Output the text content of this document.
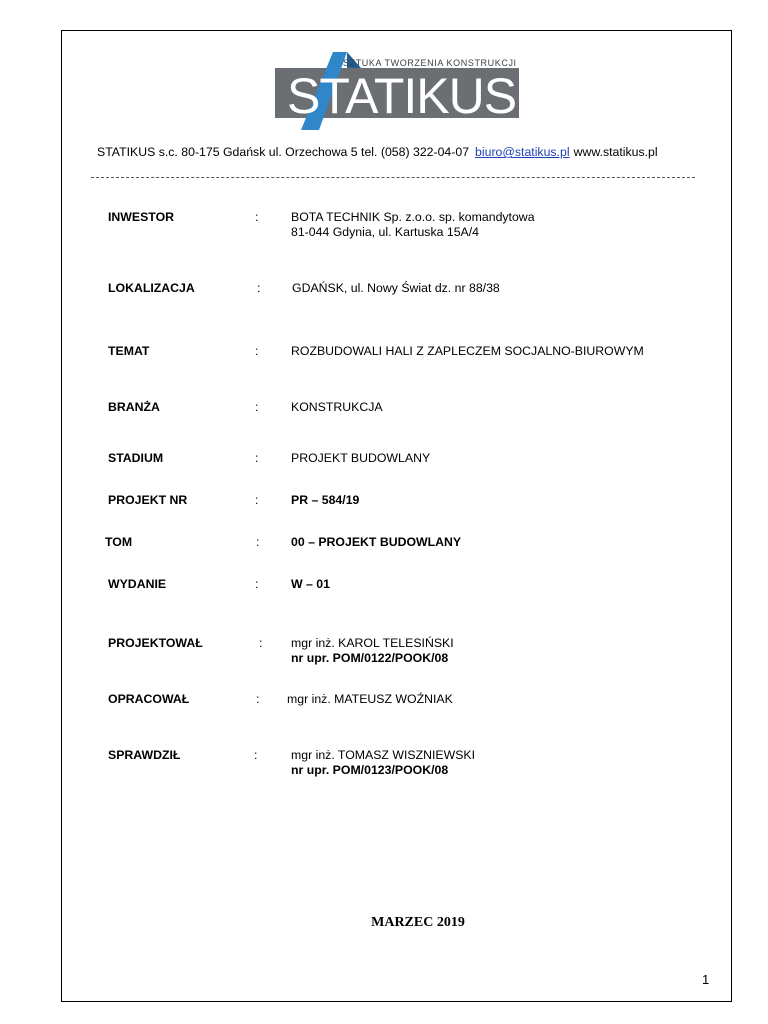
SZTUKA TWORZENIA KONSTRUKCJI
STATIKUS
STATIKUS s.c. 80-175 Gdańsk ul. Orzechowa 5 tel. (058) 322-04-07 biuro@statikus.pl www.statikus.pl
INWESTOR	:	BOTA TECHNIK Sp. z.o.o. sp. komandytowa
81-044 Gdynia, ul. Kartuska 15A/4
LOKALIZACJA	:	GDAŃSK, ul. Nowy Świat dz. nr 88/38
TEMAT	:	ROZBUDOWALI HALI Z ZAPLECZEM SOCJALNO-BIUROWYM
BRANŻA	:	KONSTRUKCJA
STADIUM	:	PROJEKT BUDOWLANY
PROJEKT NR	:	PR – 584/19
TOM	:	00 – PROJEKT BUDOWLANY
WYDANIE	:	W – 01
PROJEKTOWAŁ	: mgr inż. KAROL TELESIŃSKI
nr upr. POM/0122/POOK/08
OPRACOWAŁ	: mgr inż. MATEUSZ WOŹNIAK
SPRAWDZIŁ	:	mgr inż. TOMASZ WISZNIEWSKI
nr upr. POM/0123/POOK/08
MARZEC 2019
1
